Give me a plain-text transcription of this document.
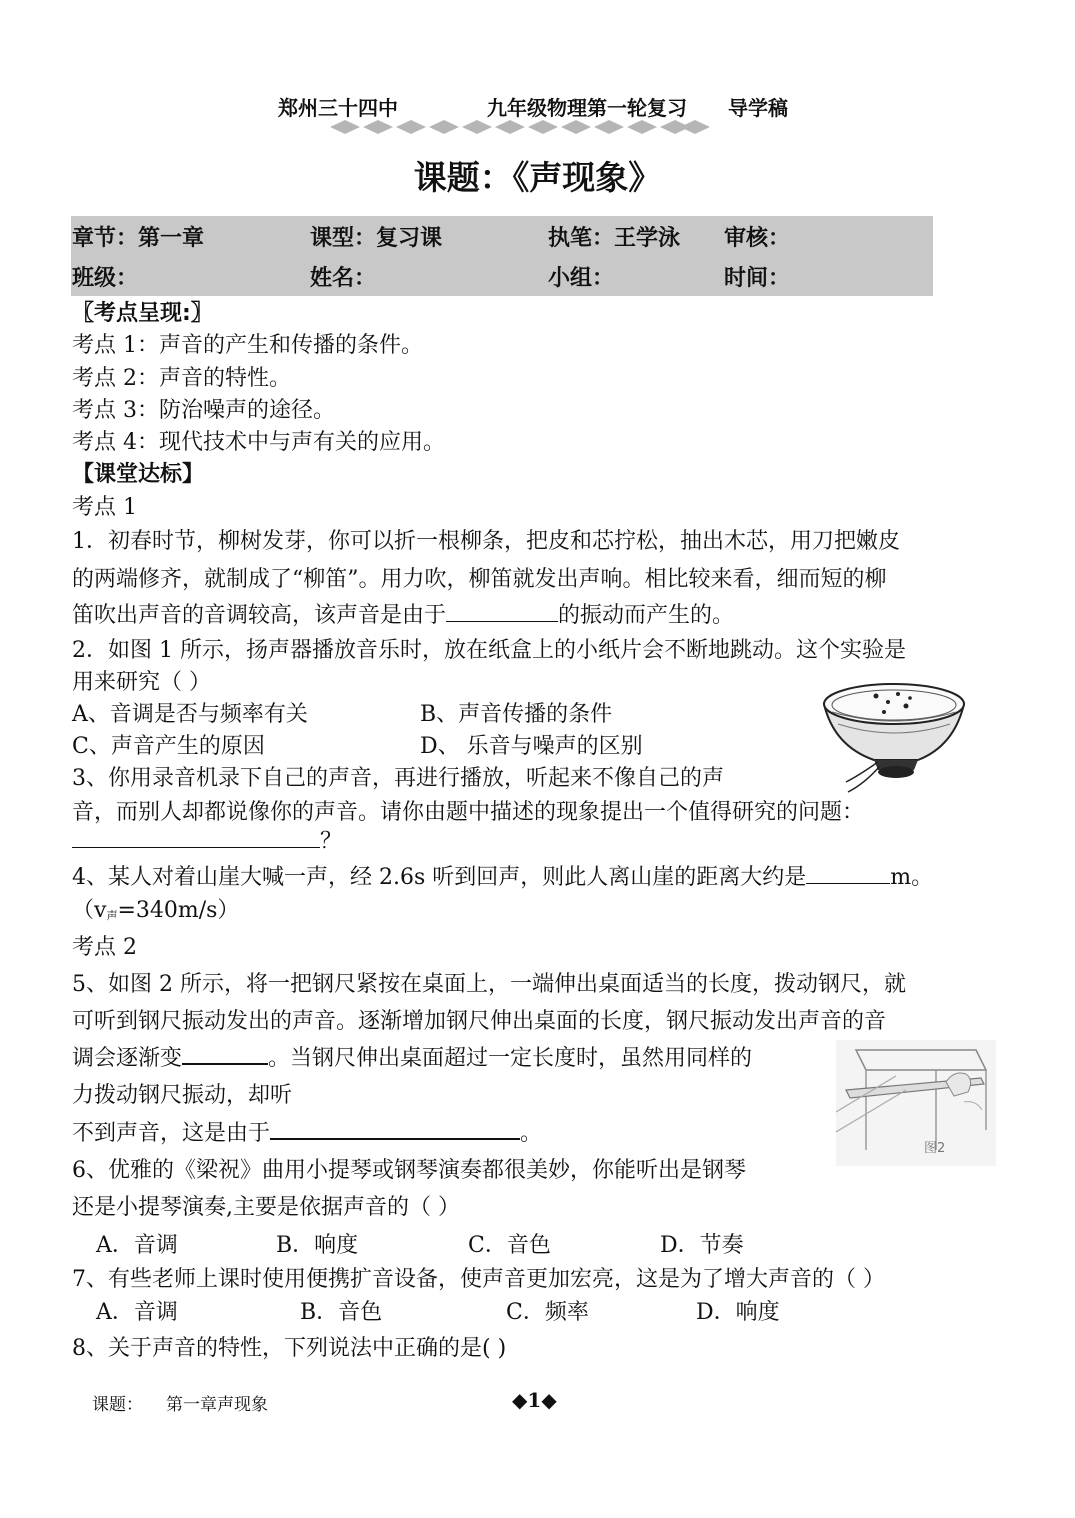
郑州三十四中	九年级物理第一轮复习 导学稿
课题：《声现象》
章节：第一章	课型：复习课	执笔：王学泳 审核：
班级：	姓名：	小组：	时间：
〖考点呈现:〗
考点 1：声音的产生和传播的条件。
考点 2：声音的特性。
考点 3：防治噪声的途径。
考点 4：现代技术中与声有关的应用。
【课堂达标】
考点 1
1．初春时节，柳树发芽，你可以折一根柳条，把皮和芯拧松，抽出木芯，用刀把嫩皮
的两端修齐，就制成了“柳笛”。用力吹，柳笛就发出声响。相比较来看，细而短的柳
笛吹出声音的音调较高，该声音是由于	的振动而产生的。
2．如图 1 所示，扬声器播放音乐时，放在纸盒上的小纸片会不断地跳动。这个实验是
用来研究（ ）
A、音调是否与频率有关	B、声音传播的条件
C、声音产生的原因	D、 乐音与噪声的区别
3、你用录音机录下自己的声音，再进行播放，听起来不像自己的声
音，而别人却都说像你的声音。请你由题中描述的现象提出一个值得研究的问题：
？
4、某人对着山崖大喊一声，经 2.6s 听到回声，则此人离山崖的距离大约是	m。
（v声=340m/s）
考点 2
5、如图 2 所示，将一把钢尺紧按在桌面上，一端伸出桌面适当的长度，拨动钢尺，就
可听到钢尺振动发出的声音。逐渐增加钢尺伸出桌面的长度，钢尺振动发出声音的音
调会逐渐变	。当钢尺伸出桌面超过一定长度时，虽然用同样的
力拨动钢尺振动，却听
不到声音，这是由于	。
图2
6、优雅的《梁祝》曲用小提琴或钢琴演奏都很美妙，你能听出是钢琴
还是小提琴演奏,主要是依据声音的（ ）
A．音调	B．响度	C．音色	D．节奏
7、有些老师上课时使用便携扩音设备，使声音更加宏亮，这是为了增大声音的（ ）
A．音调	B．音色	C．频率	D．响度
8、关于声音的特性，下列说法中正确的是( )
课题： 第一章声现象	◆1◆
